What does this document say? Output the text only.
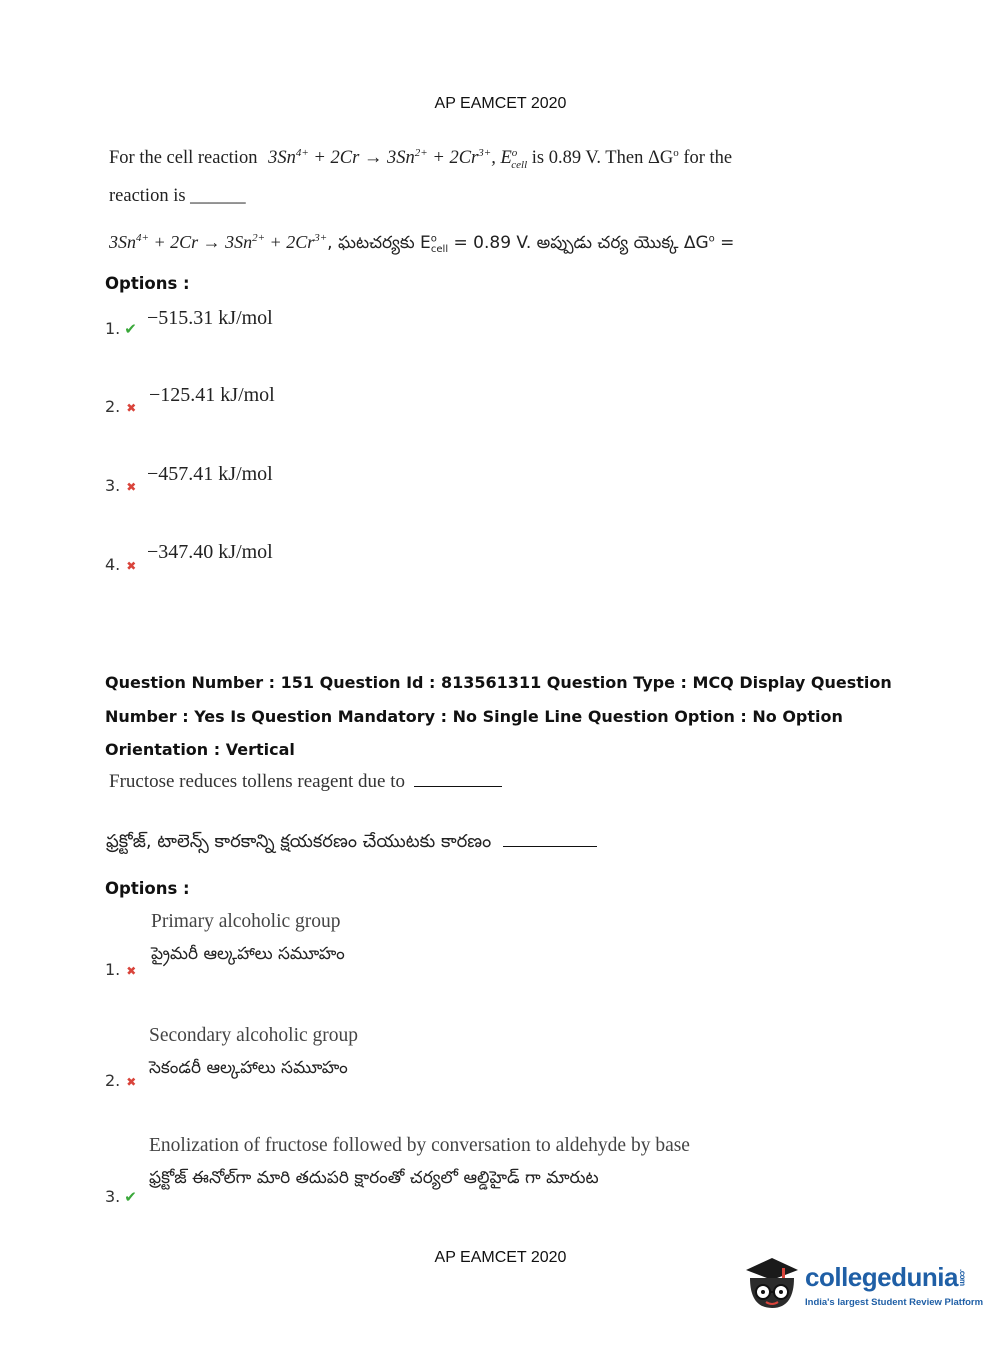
AP EAMCET 2020
For the cell reaction $3Sn^{4+} + 2Cr \to 3Sn^{2+} + 2Cr^{3+}$, $E^o_{cell}$ is 0.89 V. Then $\Delta G^o$ for the
reaction is ______
$3Sn^{4+} + 2Cr \to 3Sn^{2+} + 2Cr^{3+}$, ఘటచర్యకు $E^o_{cell} = 0.89$ V. అప్పుడు చర్య యొక్క $\Delta G^o$ =
Options :
1. ✔ −515.31 kJ/mol
2. ✖
−125.41 kJ/mol
3. ✖
−457.41 kJ/mol
4. ✖
−347.40 kJ/mol
Question Number : 151 Question Id : 813561311 Question Type : MCQ Display Question
Number : Yes Is Question Mandatory : No Single Line Question Option : No Option
Orientation : Vertical
Fructose reduces tollens reagent due to
ఫ్రక్టోజ్, టాలెన్స్ కారకాన్ని క్షయకరణం చేయుటకు కారణం
Options :
Primary alcoholic group
ప్రైమరీ ఆల్కహాలు సమూహం
1. ✖
Secondary alcoholic group
సెకండరీ ఆల్కహాలు సమూహం
2. ✖
Enolization of fructose followed by conversation to aldehyde by base
ఫ్రక్టోజ్ ఈనోల్‌గా మారి తదుపరి క్షారంతో చర్యలో ఆల్డిహైడ్ గా మారుట
3. ✔
AP EAMCET 2020
collegedunia.com
India's largest Student Review Platform
